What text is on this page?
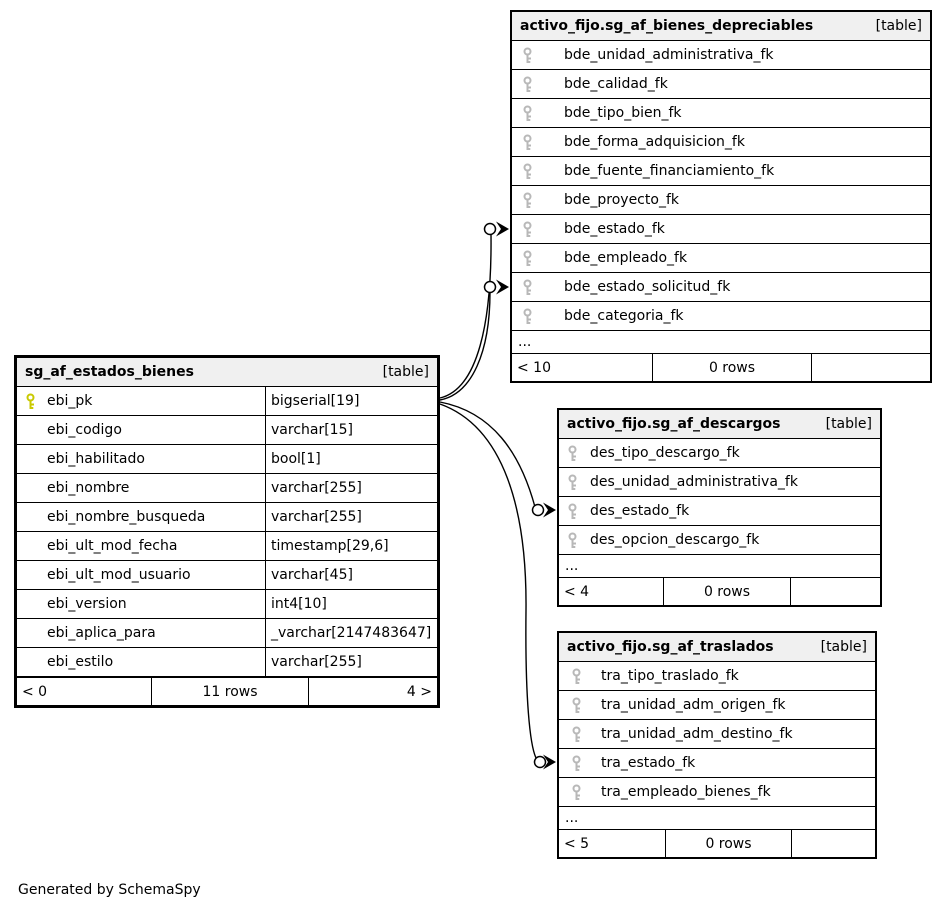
sg_af_estados_bienes	[table]
ebi_pk	bigserial[19]
ebi_codigo	varchar[15]
ebi_habilitado	bool[1]
ebi_nombre	varchar[255]
ebi_nombre_busqueda	varchar[255]
ebi_ult_mod_fecha	timestamp[29,6]
ebi_ult_mod_usuario	varchar[45]
ebi_version	int4[10]
ebi_aplica_para	_varchar[2147483647]
ebi_estilo	varchar[255]
< 0	11 rows	4 >
activo_fijo.sg_af_bienes_depreciables	[table]
bde_unidad_administrativa_fk
bde_calidad_fk
bde_tipo_bien_fk
bde_forma_adquisicion_fk
bde_fuente_financiamiento_fk
bde_proyecto_fk
bde_estado_fk
bde_empleado_fk
bde_estado_solicitud_fk
bde_categoria_fk
...
< 10	0 rows
activo_fijo.sg_af_descargos	[table]
des_tipo_descargo_fk
des_unidad_administrativa_fk
des_estado_fk
des_opcion_descargo_fk
...
< 4	0 rows
activo_fijo.sg_af_traslados	[table]
tra_tipo_traslado_fk
tra_unidad_adm_origen_fk
tra_unidad_adm_destino_fk
tra_estado_fk
tra_empleado_bienes_fk
...
< 5	0 rows
Generated by SchemaSpy
